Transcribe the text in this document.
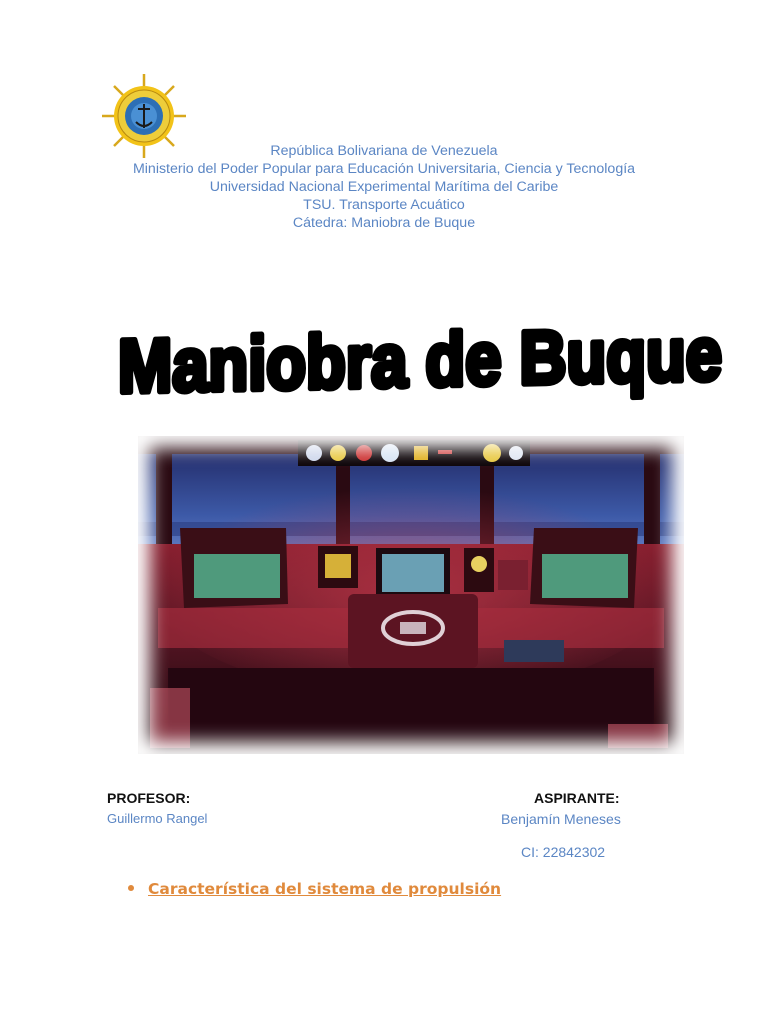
República Bolivariana de Venezuela
Ministerio del Poder Popular para Educación Universitaria, Ciencia y Tecnología
Universidad Nacional Experimental Marítima del Caribe
TSU. Transporte Acuático
Cátedra: Maniobra de Buque
Maniobra de Buque
PROFESOR:
Guillermo Rangel
ASPIRANTE:
Benjamín Meneses
CI: 22842302
Característica del sistema de propulsión
